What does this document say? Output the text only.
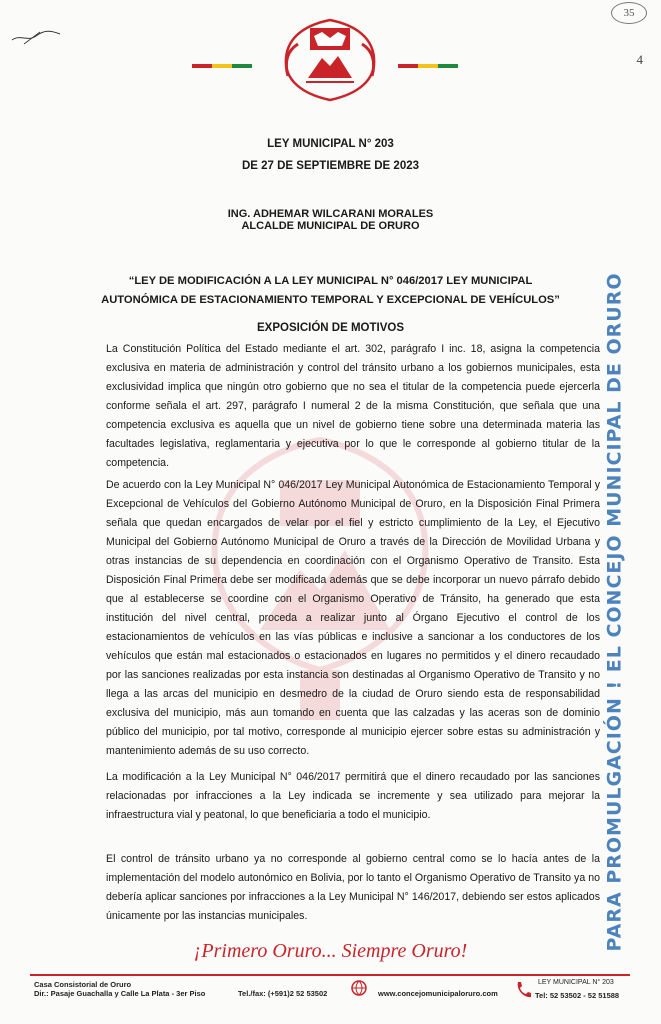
35
4
LEY MUNICIPAL N° 203
DE 27 DE SEPTIEMBRE DE 2023
ING. ADHEMAR WILCARANI MORALES
ALCALDE MUNICIPAL DE ORURO
“LEY DE MODIFICACIÓN A LA LEY MUNICIPAL N° 046/2017 LEY MUNICIPAL AUTONÓMICA DE ESTACIONAMIENTO TEMPORAL Y EXCEPCIONAL DE VEHÍCULOS”
EXPOSICIÓN DE MOTIVOS
La Constitución Política del Estado mediante el art. 302, parágrafo I inc. 18, asigna la competencia exclusiva en materia de administración y control del tránsito urbano a los gobiernos municipales, esta exclusividad implica que ningún otro gobierno que no sea el titular de la competencia puede ejercerla conforme señala el art. 297, parágrafo I numeral 2 de la misma Constitución, que señala que una competencia exclusiva es aquella que un nivel de gobierno tiene sobre una determinada materia las facultades legislativa, reglamentaria y ejecutiva por lo que le corresponde al gobierno titular de la competencia.
De acuerdo con la Ley Municipal N° 046/2017 Ley Municipal Autonómica de Estacionamiento Temporal y Excepcional de Vehículos del Gobierno Autónomo Municipal de Oruro, en la Disposición Final Primera señala que quedan encargados de velar por el fiel y estricto cumplimiento de la Ley, el Ejecutivo Municipal del Gobierno Autónomo Municipal de Oruro a través de la Dirección de Movilidad Urbana y otras instancias de su dependencia en coordinación con el Organismo Operativo de Transito. Esta Disposición Final Primera debe ser modificada además que se debe incorporar un nuevo párrafo debido que al establecerse se coordine con el Organismo Operativo de Tránsito, ha generado que esta institución del nivel central, proceda a realizar junto al Órgano Ejecutivo el control de los estacionamientos de vehículos en las vías públicas e inclusive a sancionar a los conductores de los vehículos que están mal estacionados o estacionados en lugares no permitidos y el dinero recaudado por las sanciones realizadas por esta instancia son destinadas al Organismo Operativo de Transito y no llega a las arcas del municipio en desmedro de la ciudad de Oruro siendo esta de responsabilidad exclusiva del municipio, más aun tomando en cuenta que las calzadas y las aceras son de dominio público del municipio, por tal motivo, corresponde al municipio ejercer sobre estas su administración y mantenimiento además de su uso correcto.
La modificación a la Ley Municipal N° 046/2017 permitirá que el dinero recaudado por las sanciones relacionadas por infracciones a la Ley indicada se incremente y sea utilizado para mejorar la infraestructura vial y peatonal, lo que beneficiaria a todo el municipio.
El control de tránsito urbano ya no corresponde al gobierno central como se lo hacía antes de la implementación del modelo autonómico en Bolivia, por lo tanto el Organismo Operativo de Transito ya no debería aplicar sanciones por infracciones a la Ley Municipal N° 146/2017, debiendo ser estos aplicados únicamente por las instancias municipales.	PARA PROMULGACIÓN ! EL CONCEJO MUNICIPAL DE ORURO
¡Primero Oruro... Siempre Oruro!
Casa Consistorial de Oruro
Dir.: Pasaje Guachalla y Calle La Plata - 3er Piso	Tel./fax: (+591)2 52 53502	www.concejomunicipaloruro.com
LEY MUNICIPAL N° 203
Tel: 52 53502 - 52 51588
